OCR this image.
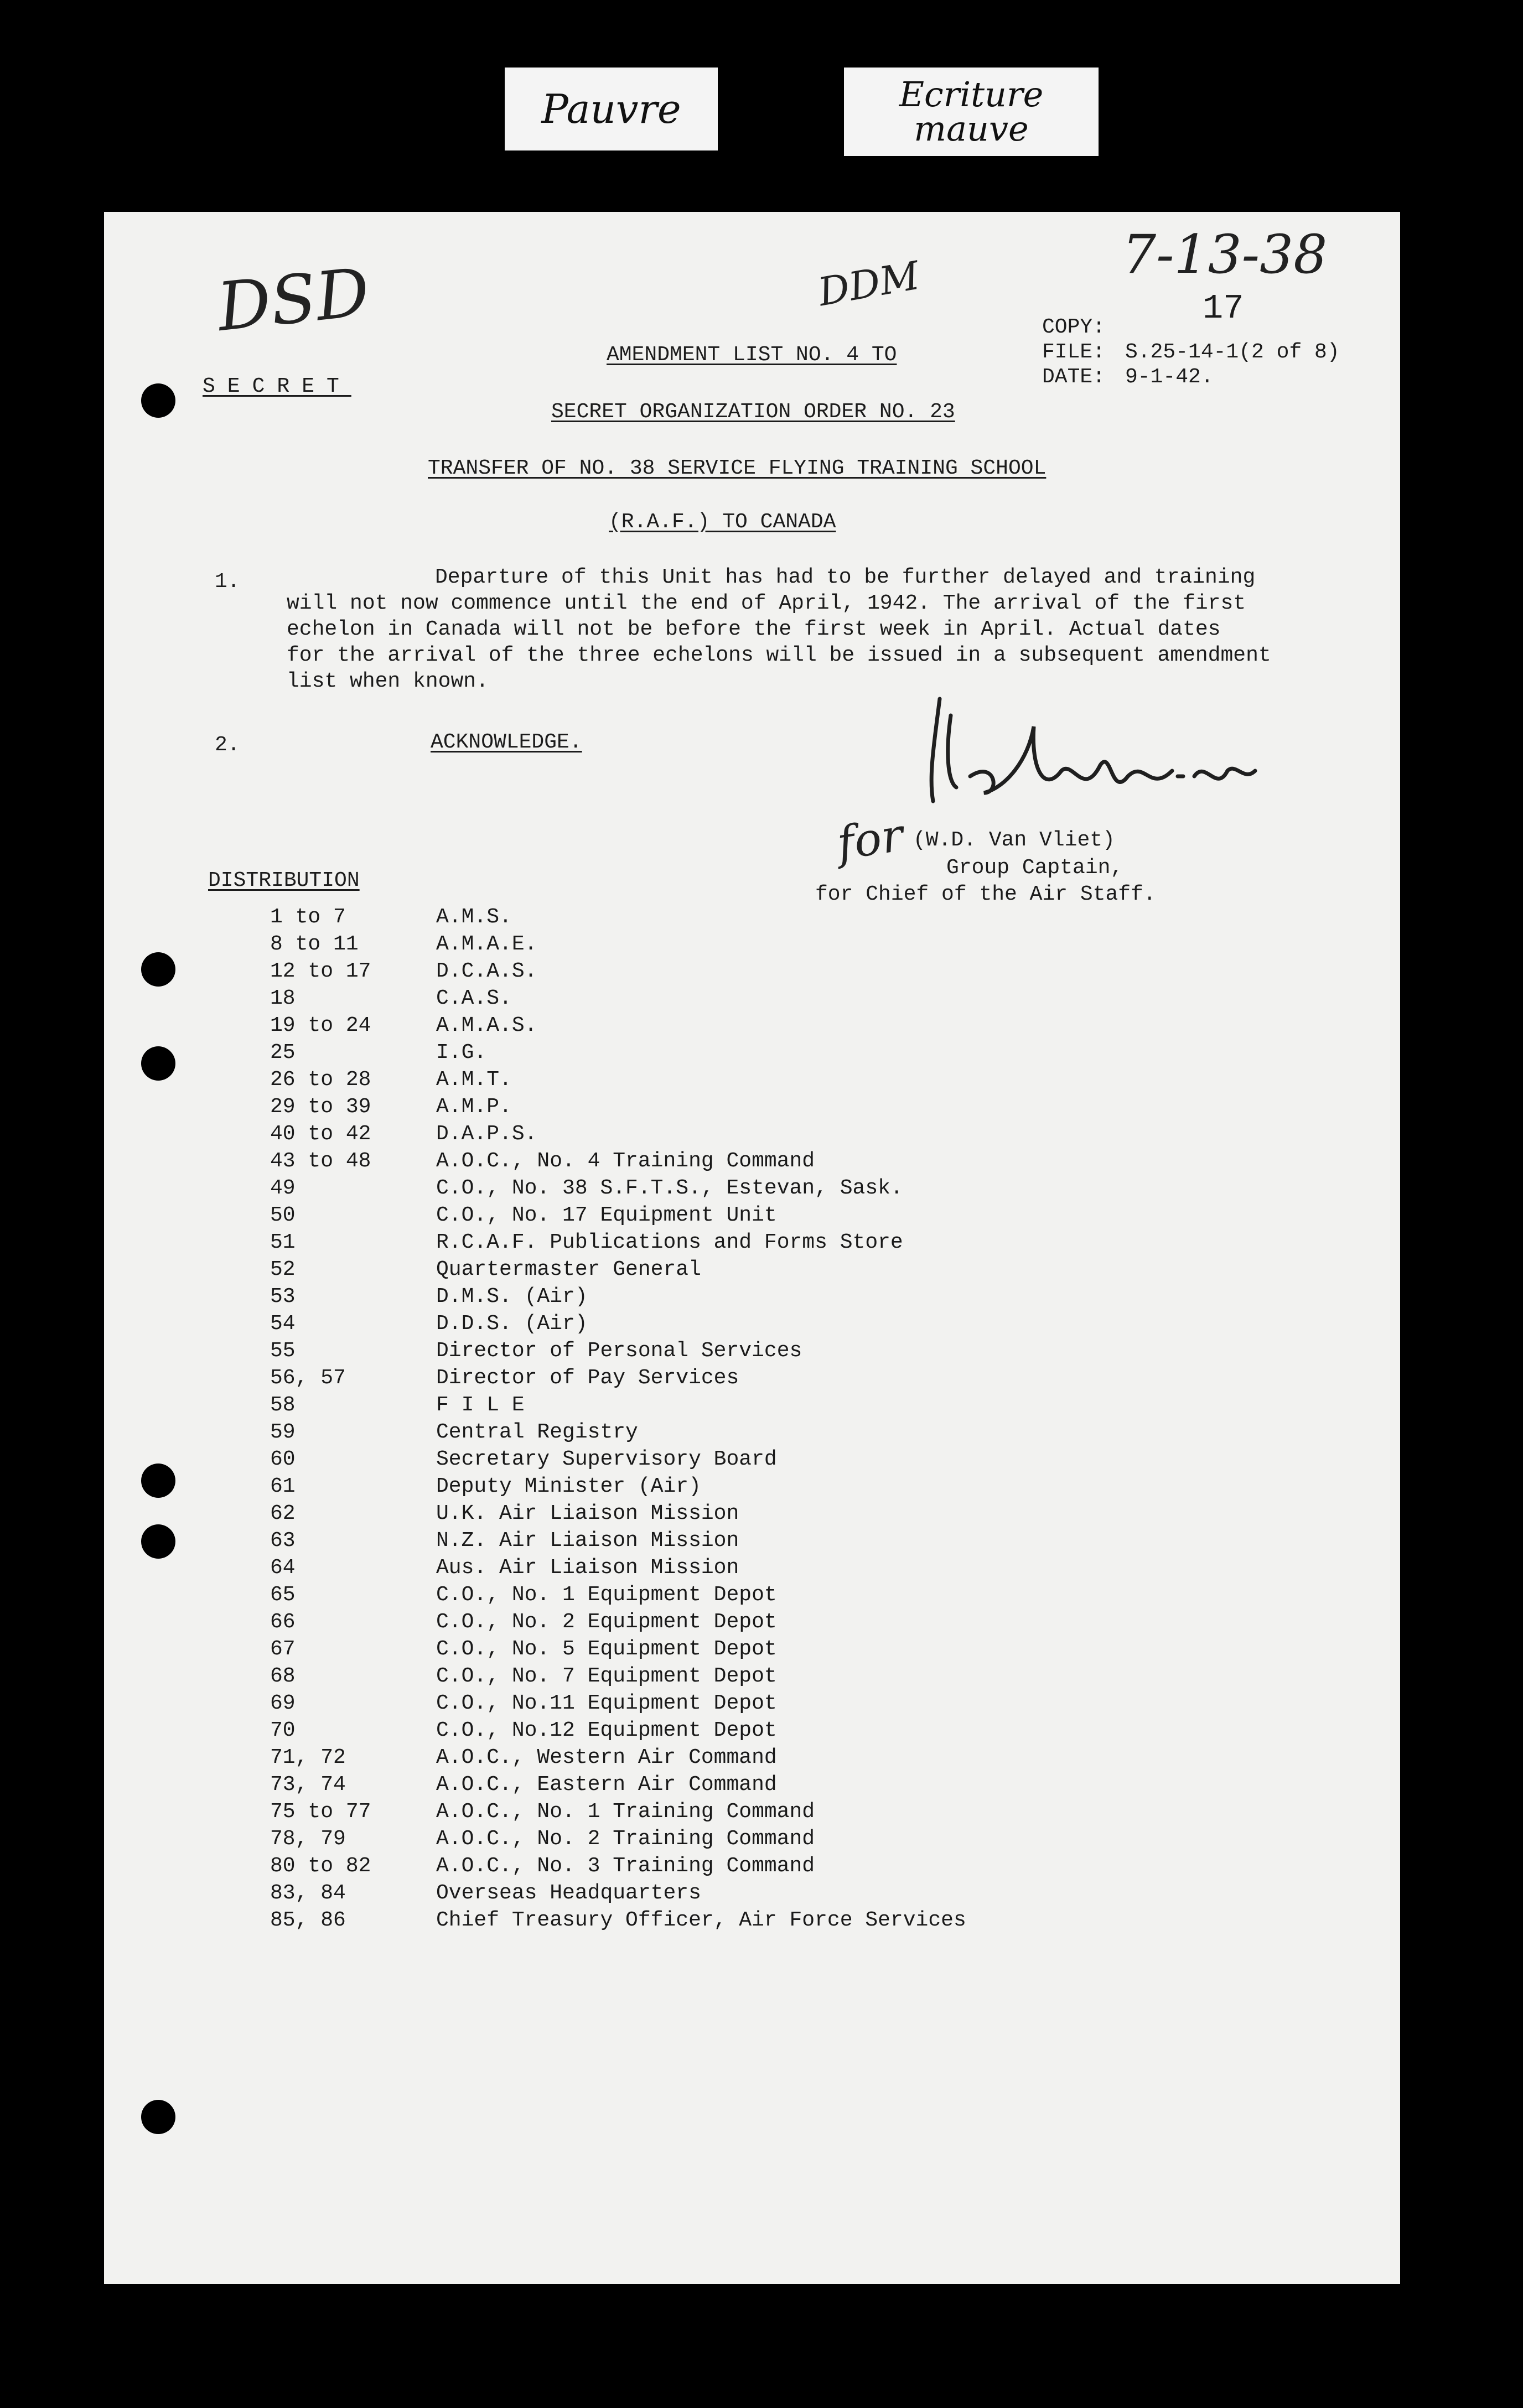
Pauvre	Ecriture
mauve
DSD	7-13-38
DDM
for
SECRET
COPY:	17
FILE: S.25-14-1(2 of 8)
DATE: 9-1-42.
AMENDMENT LIST NO. 4 TO
SECRET ORGANIZATION ORDER NO. 23
TRANSFER OF NO. 38 SERVICE FLYING TRAINING SCHOOL
(R.A.F.) TO CANADA
1.	Departure of this Unit has had to be further delayed and training
will not now commence until the end of April, 1942. The arrival of the first
echelon in Canada will not be before the first week in April. Actual dates
for the arrival of the three echelons will be issued in a subsequent amendment
list when known.
2.	ACKNOWLEDGE.
(W.D. Van Vliet)
Group Captain,
for Chief of the Air Staff.
DISTRIBUTION
1 to 7	A.M.S.
8 to 11	A.M.A.E.
12 to 17	D.C.A.S.
18	C.A.S.
19 to 24	A.M.A.S.
25	I.G.
26 to 28	A.M.T.
29 to 39	A.M.P.
40 to 42	D.A.P.S.
43 to 48	A.O.C., No. 4 Training Command
49	C.O., No. 38 S.F.T.S., Estevan, Sask.
50	C.O., No. 17 Equipment Unit
51	R.C.A.F. Publications and Forms Store
52	Quartermaster General
53	D.M.S. (Air)
54	D.D.S. (Air)
55	Director of Personal Services
56, 57	Director of Pay Services
58	F I L E
59	Central Registry
60	Secretary Supervisory Board
61	Deputy Minister (Air)
62	U.K. Air Liaison Mission
63	N.Z. Air Liaison Mission
64	Aus. Air Liaison Mission
65	C.O., No. 1 Equipment Depot
66	C.O., No. 2 Equipment Depot
67	C.O., No. 5 Equipment Depot
68	C.O., No. 7 Equipment Depot
69	C.O., No.11 Equipment Depot
70	C.O., No.12 Equipment Depot
71, 72	A.O.C., Western Air Command
73, 74	A.O.C., Eastern Air Command
75 to 77	A.O.C., No. 1 Training Command
78, 79	A.O.C., No. 2 Training Command
80 to 82	A.O.C., No. 3 Training Command
83, 84	Overseas Headquarters
85, 86	Chief Treasury Officer, Air Force Services
